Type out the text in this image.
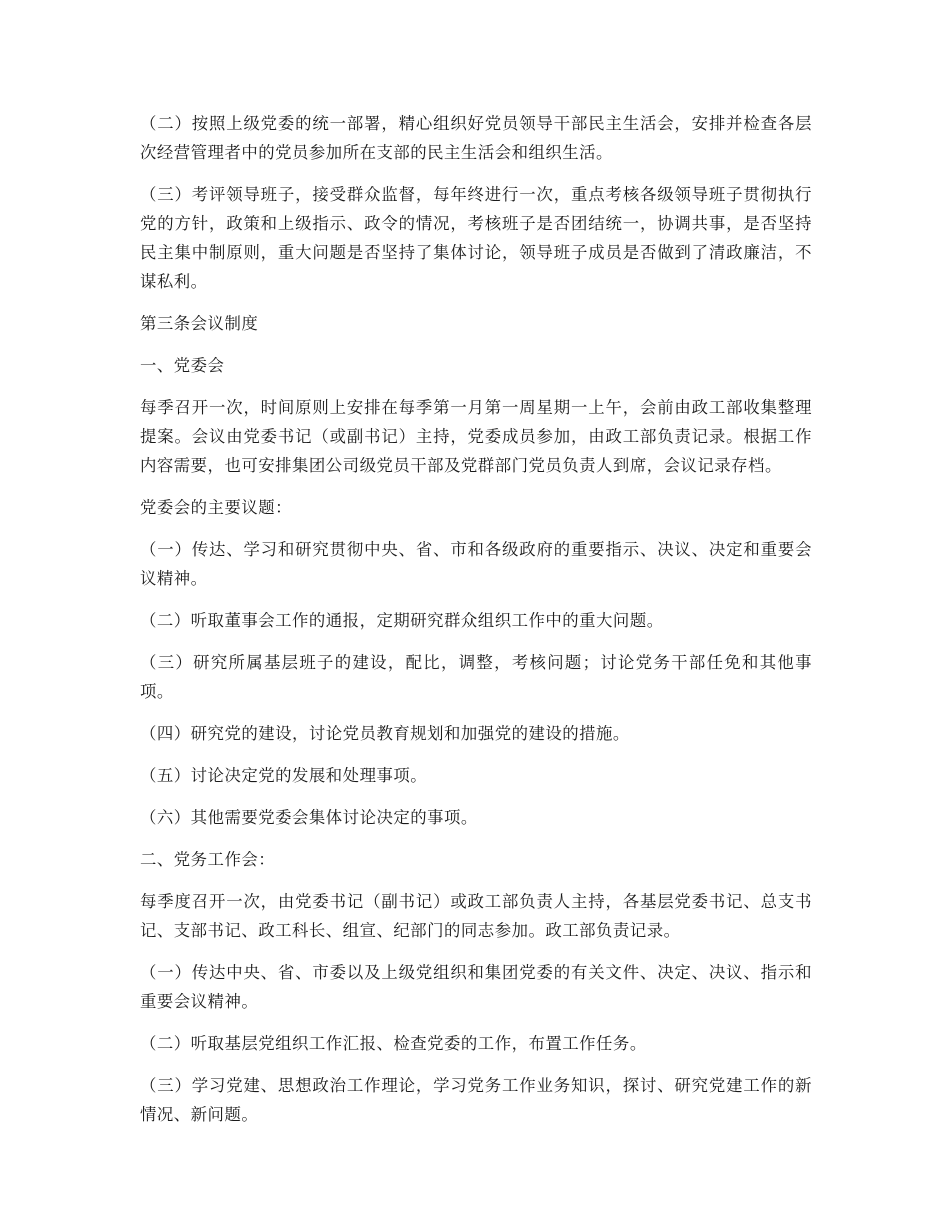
（二）按照上级党委的统一部署，精心组织好党员领导干部民主生活会，安排并检查各层次经营管理者中的党员参加所在支部的民主生活会和组织生活。

（三）考评领导班子，接受群众监督，每年终进行一次，重点考核各级领导班子贯彻执行党的方针，政策和上级指示、政令的情况，考核班子是否团结统一，协调共事，是否坚持民主集中制原则，重大问题是否坚持了集体讨论，领导班子成员是否做到了清政廉洁，不谋私利。

第三条会议制度

一、党委会

每季召开一次，时间原则上安排在每季第一月第一周星期一上午，会前由政工部收集整理提案。会议由党委书记（或副书记）主持，党委成员参加，由政工部负责记录。根据工作内容需要，也可安排集团公司级党员干部及党群部门党员负责人到席，会议记录存档。

党委会的主要议题：

（一）传达、学习和研究贯彻中央、省、市和各级政府的重要指示、决议、决定和重要会议精神。

（二）听取董事会工作的通报，定期研究群众组织工作中的重大问题。

（三）研究所属基层班子的建设，配比，调整，考核问题；讨论党务干部任免和其他事项。

（四）研究党的建设，讨论党员教育规划和加强党的建设的措施。

（五）讨论决定党的发展和处理事项。

（六）其他需要党委会集体讨论决定的事项。

二、党务工作会：

每季度召开一次，由党委书记（副书记）或政工部负责人主持，各基层党委书记、总支书记、支部书记、政工科长、组宣、纪部门的同志参加。政工部负责记录。

（一）传达中央、省、市委以及上级党组织和集团党委的有关文件、决定、决议、指示和重要会议精神。

（二）听取基层党组织工作汇报、检查党委的工作，布置工作任务。

（三）学习党建、思想政治工作理论，学习党务工作业务知识，探讨、研究党建工作的新情况、新问题。
